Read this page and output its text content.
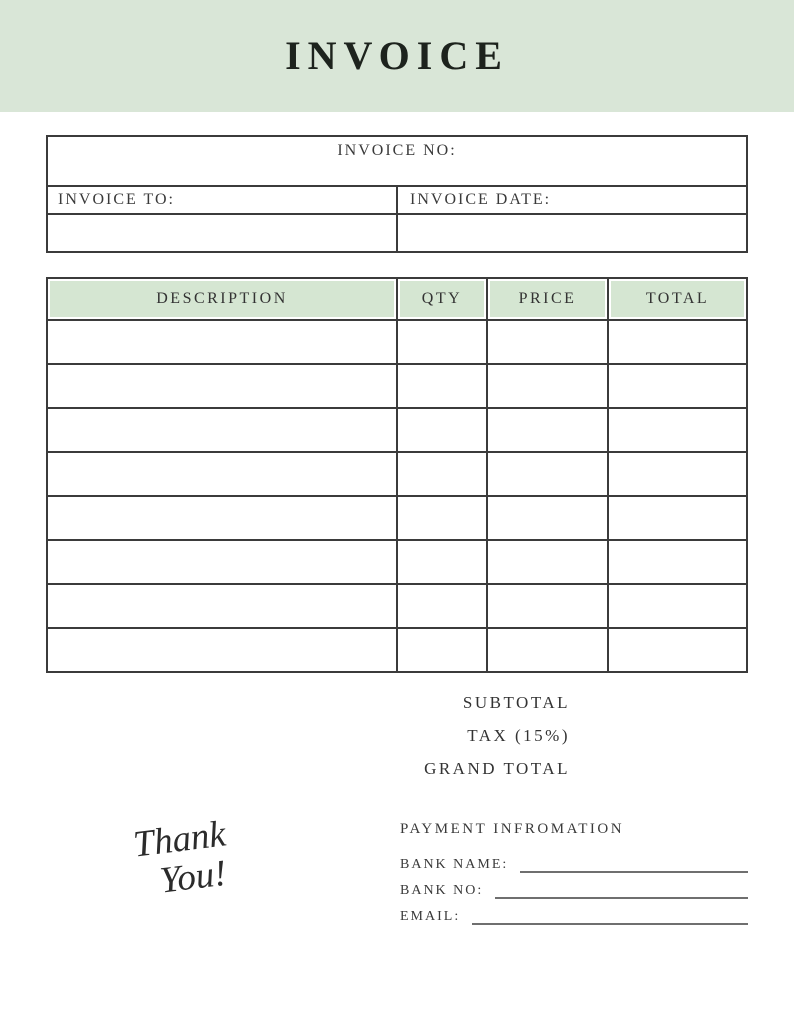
INVOICE
INVOICE NO:
INVOICE TO:	INVOICE DATE:
DESCRIPTION	QTY	PRICE	TOTAL

SUBTOTAL
TAX (15%)
GRAND TOTAL
Thank
You!
PAYMENT INFROMATION
BANK NAME:
BANK NO:
EMAIL:
